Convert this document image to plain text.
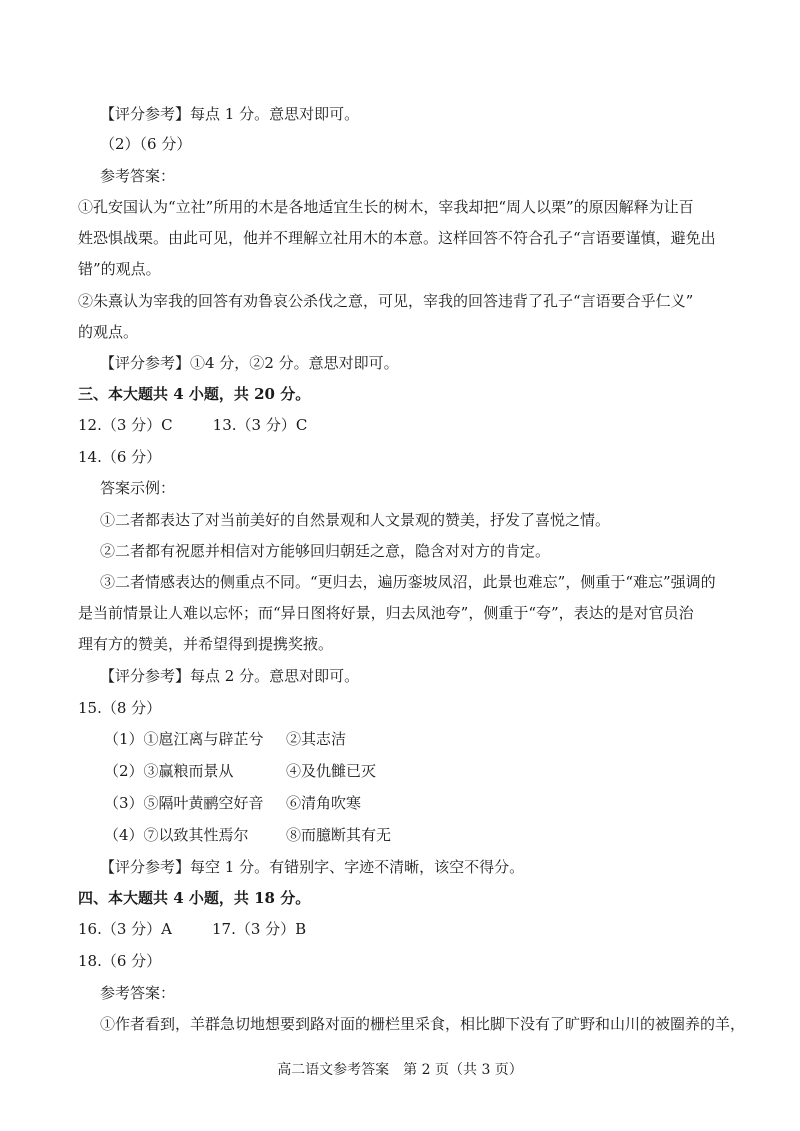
【评分参考】每点 1 分。意思对即可。
（2）（6 分）
参考答案：
①孔安国认为“立社”所用的木是各地适宜生长的树木，宰我却把“周人以栗”的原因解释为让百
姓恐惧战栗。由此可见，他并不理解立社用木的本意。这样回答不符合孔子“言语要谨慎，避免出
错”的观点。
②朱熹认为宰我的回答有劝鲁哀公杀伐之意，可见，宰我的回答违背了孔子“言语要合乎仁义”
的观点。
【评分参考】①4 分，②2 分。意思对即可。
三、本大题共 4 小题，共 20 分。
12.（3 分）C	13.（3 分）C
14.（6 分）
答案示例：
①二者都表达了对当前美好的自然景观和人文景观的赞美，抒发了喜悦之情。
②二者都有祝愿并相信对方能够回归朝廷之意，隐含对对方的肯定。
③二者情感表达的侧重点不同。“更归去，遍历銮坡凤沼，此景也难忘”，侧重于“难忘”强调的
是当前情景让人难以忘怀；而“异日图将好景，归去凤池夸”，侧重于“夸”，表达的是对官员治
理有方的赞美，并希望得到提携奖掖。
【评分参考】每点 2 分。意思对即可。
15.（8 分）
（1）①扈江离与辟芷兮 ②其志洁
（2）③赢粮而景从	④及仇雠已灭
（3）⑤隔叶黄鹂空好音 ⑥清角吹寒
（4）⑦以致其性焉尔 ⑧而臆断其有无
【评分参考】每空 1 分。有错别字、字迹不清晰，该空不得分。
四、本大题共 4 小题，共 18 分。
16.（3 分）A	17.（3 分）B
18.（6 分）
参考答案：
①作者看到，羊群急切地想要到路对面的栅栏里采食，相比脚下没有了旷野和山川的被圈养的羊，
高二语文参考答案　第 2 页（共 3 页）
